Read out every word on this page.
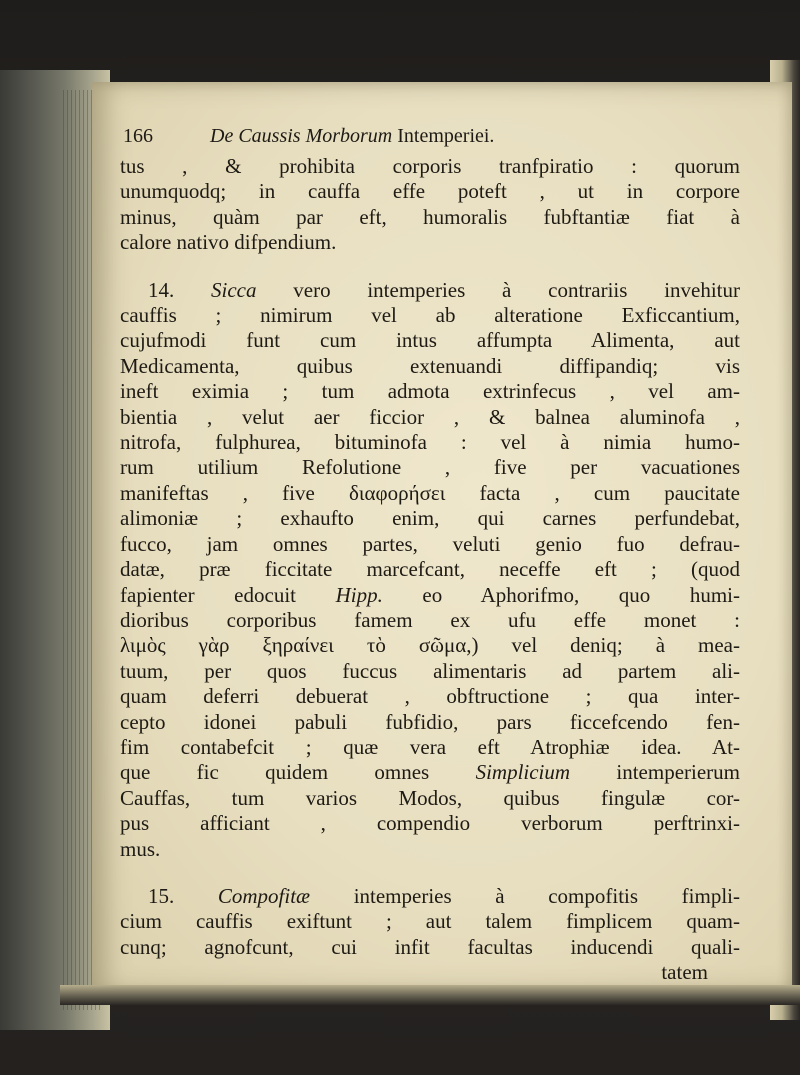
166	De Caussis Morborum Intemperiei.
tus , & prohibita corporis tranfpiratio : quorum
unumquodq; in cauffa effe poteft , ut in corpore
minus, quàm par eft, humoralis fubftantiæ fiat à
calore nativo difpendium.
14. Sicca vero intemperies à contrariis invehitur
cauffis ; nimirum vel ab alteratione Exficcantium,
cujufmodi funt cum intus affumpta Alimenta, aut
Medicamenta, quibus extenuandi diffipandiq; vis
ineft eximia ; tum admota extrinfecus , vel am-
bientia , velut aer ficcior , & balnea aluminofa ,
nitrofa, fulphurea, bituminofa : vel à nimia humo-
rum utilium Refolutione , five per vacuationes
manifeftas , five διαφορήσει facta , cum paucitate
alimoniæ ; exhaufto enim, qui carnes perfundebat,
fucco, jam omnes partes, veluti genio fuo defrau-
datæ, præ ficcitate marcefcant, neceffe eft ; (quod
fapienter edocuit Hipp. eo Aphorifmo, quo humi-
dioribus corporibus famem ex ufu effe monet :
λιμὸς γὰρ ξηραίνει τὸ σῶμα,) vel deniq; à mea-
tuum, per quos fuccus alimentaris ad partem ali-
quam deferri debuerat , obftructione ; qua inter-
cepto idonei pabuli fubfidio, pars ficcefcendo fen-
fim contabefcit ; quæ vera eft Atrophiæ idea. At-
que fic quidem omnes Simplicium intemperierum
Cauffas, tum varios Modos, quibus fingulæ cor-
pus afficiant , compendio verborum perftrinxi-
mus.
15. Compofitæ intemperies à compofitis fimpli-
cium cauffis exiftunt ; aut talem fimplicem quam-
cunq; agnofcunt, cui infit facultas inducendi quali-
tatem
